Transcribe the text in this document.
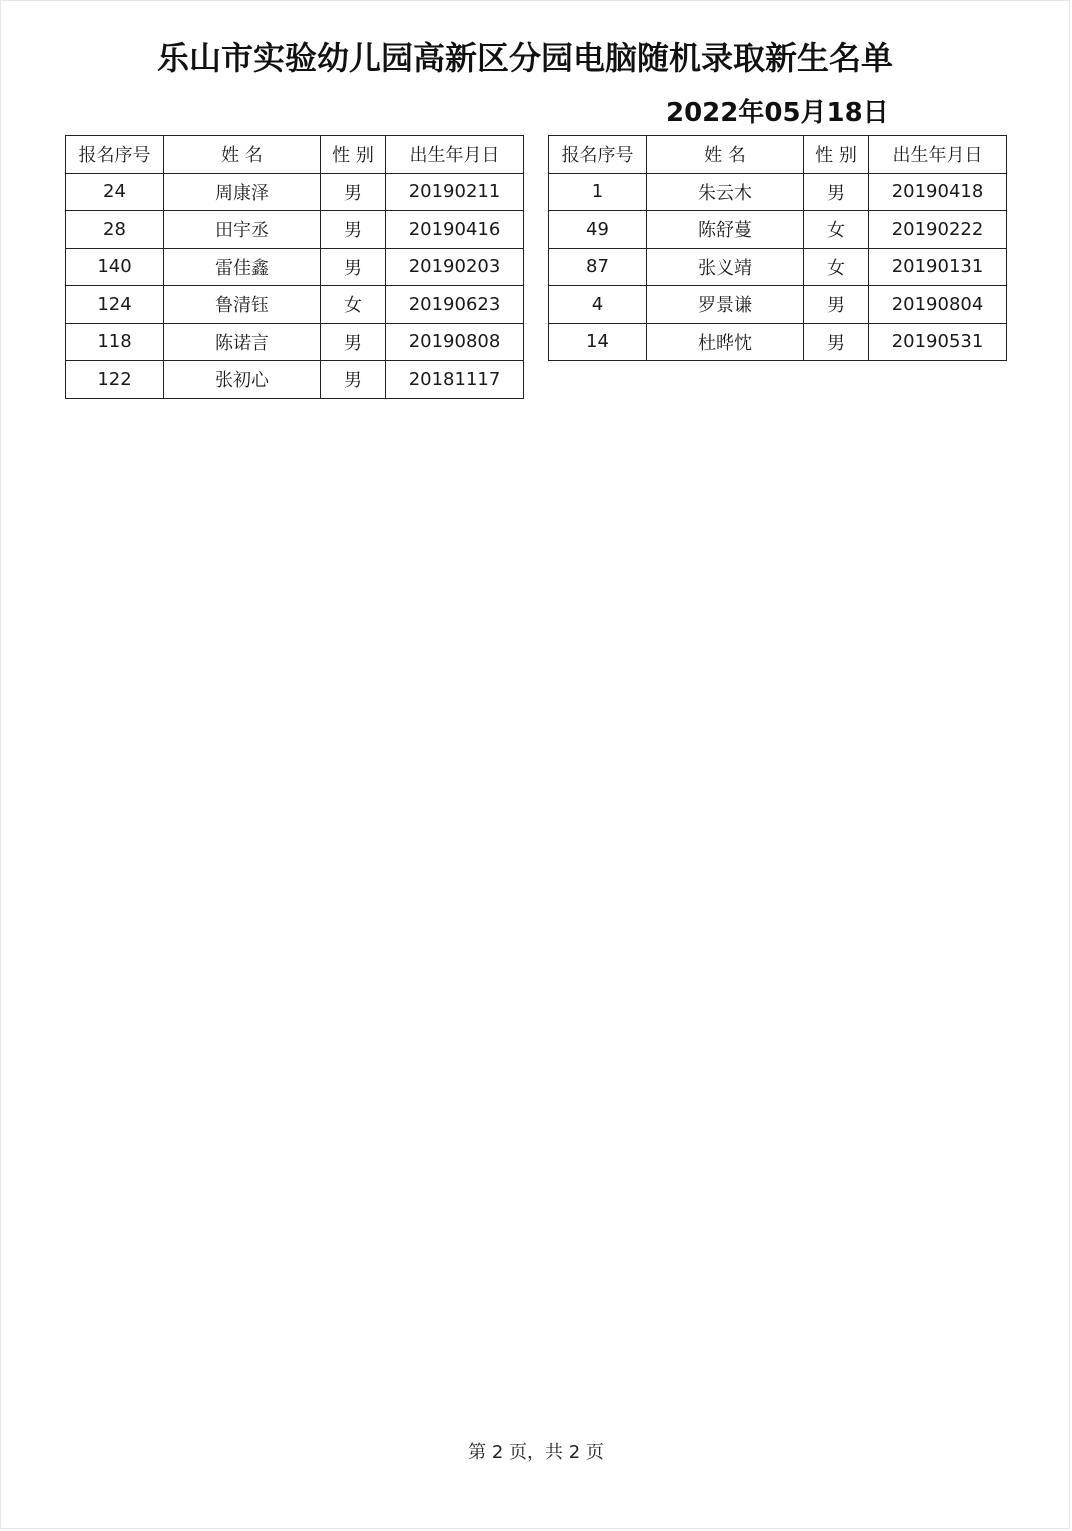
乐山市实验幼儿园高新区分园电脑随机录取新生名单
2022年05月18日
报名序号	姓 名	性 别	出生年月日
24	周康泽	男	20190211
28	田宇丞	男	20190416
140	雷佳鑫	男	20190203
124	鲁清钰	女	20190623
118	陈诺言	男	20190808
122	张初心	男	20181117
报名序号	姓 名	性 别	出生年月日
1	朱云木	男	20190418
49	陈舒蔓	女	20190222
87	张义靖	女	20190131
4	罗景谦	男	20190804
14	杜晔忱	男	20190531
第 2 页，共 2 页
